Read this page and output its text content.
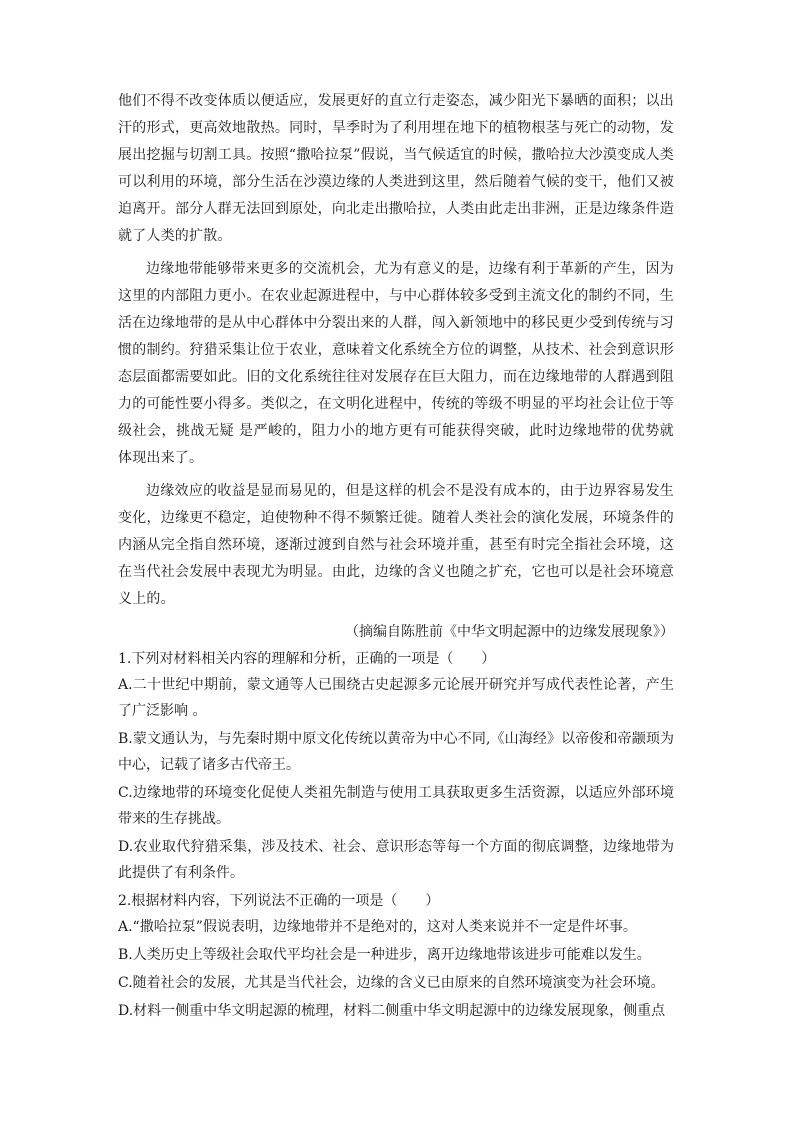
他们不得不改变体质以便适应，发展更好的直立行走姿态，减少阳光下暴晒的面积；以出汗的形式，更高效地散热。同时，旱季时为了利用埋在地下的植物根茎与死亡的动物，发展出挖掘与切割工具。按照“撒哈拉泵”假说，当气候适宜的时候，撒哈拉大沙漠变成人类可以利用的环境，部分生活在沙漠边缘的人类进到这里，然后随着气候的变干，他们又被迫离开。部分人群无法回到原处，向北走出撒哈拉，人类由此走出非洲，正是边缘条件造就了人类的扩散。

边缘地带能够带来更多的交流机会，尤为有意义的是，边缘有利于革新的产生，因为这里的内部阻力更小。在农业起源进程中，与中心群体较多受到主流文化的制约不同，生活在边缘地带的是从中心群体中分裂出来的人群，闯入新领地中的移民更少受到传统与习惯的制约。狩猎采集让位于农业，意味着文化系统全方位的调整，从技术、社会到意识形态层面都需要如此。旧的文化系统往往对发展存在巨大阻力，而在边缘地带的人群遇到阻力的可能性要小得多。类似之，在文明化进程中，传统的等级不明显的平均社会让位于等级社会，挑战无疑 是严峻的，阻力小的地方更有可能获得突破，此时边缘地带的优势就体现出来了。

边缘效应的收益是显而易见的，但是这样的机会不是没有成本的，由于边界容易发生变化，边缘更不稳定，迫使物种不得不频繁迁徙。随着人类社会的演化发展，环境条件的内涵从完全指自然环境，逐渐过渡到自然与社会环境并重，甚至有时完全指社会环境，这在当代社会发展中表现尤为明显。由此，边缘的含义也随之扩充，它也可以是社会环境意义上的。

（摘编自陈胜前《中华文明起源中的边缘发展现象》）

1.下列对材料相关内容的理解和分析，正确的一项是（　　）

A.二十世纪中期前，蒙文通等人已围绕古史起源多元论展开研究并写成代表性论著，产生了广泛影响 。

B.蒙文通认为，与先秦时期中原文化传统以黄帝为中心不同,《山海经》以帝俊和帝颛顼为中心，记载了诸多古代帝王。

C.边缘地带的环境变化促使人类祖先制造与使用工具获取更多生活资源，以适应外部环境带来的生存挑战。

D.农业取代狩猎采集，涉及技术、社会、意识形态等每一个方面的彻底调整，边缘地带为此提供了有利条件。

2.根据材料内容，下列说法不正确的一项是（　　）

A.“撒哈拉泵”假说表明，边缘地带并不是绝对的，这对人类来说并不一定是件坏事。

B.人类历史上等级社会取代平均社会是一种进步，离开边缘地带该进步可能难以发生。

C.随着社会的发展，尤其是当代社会，边缘的含义已由原来的自然环境演变为社会环境。

D.材料一侧重中华文明起源的梳理，材料二侧重中华文明起源中的边缘发展现象，侧重点
